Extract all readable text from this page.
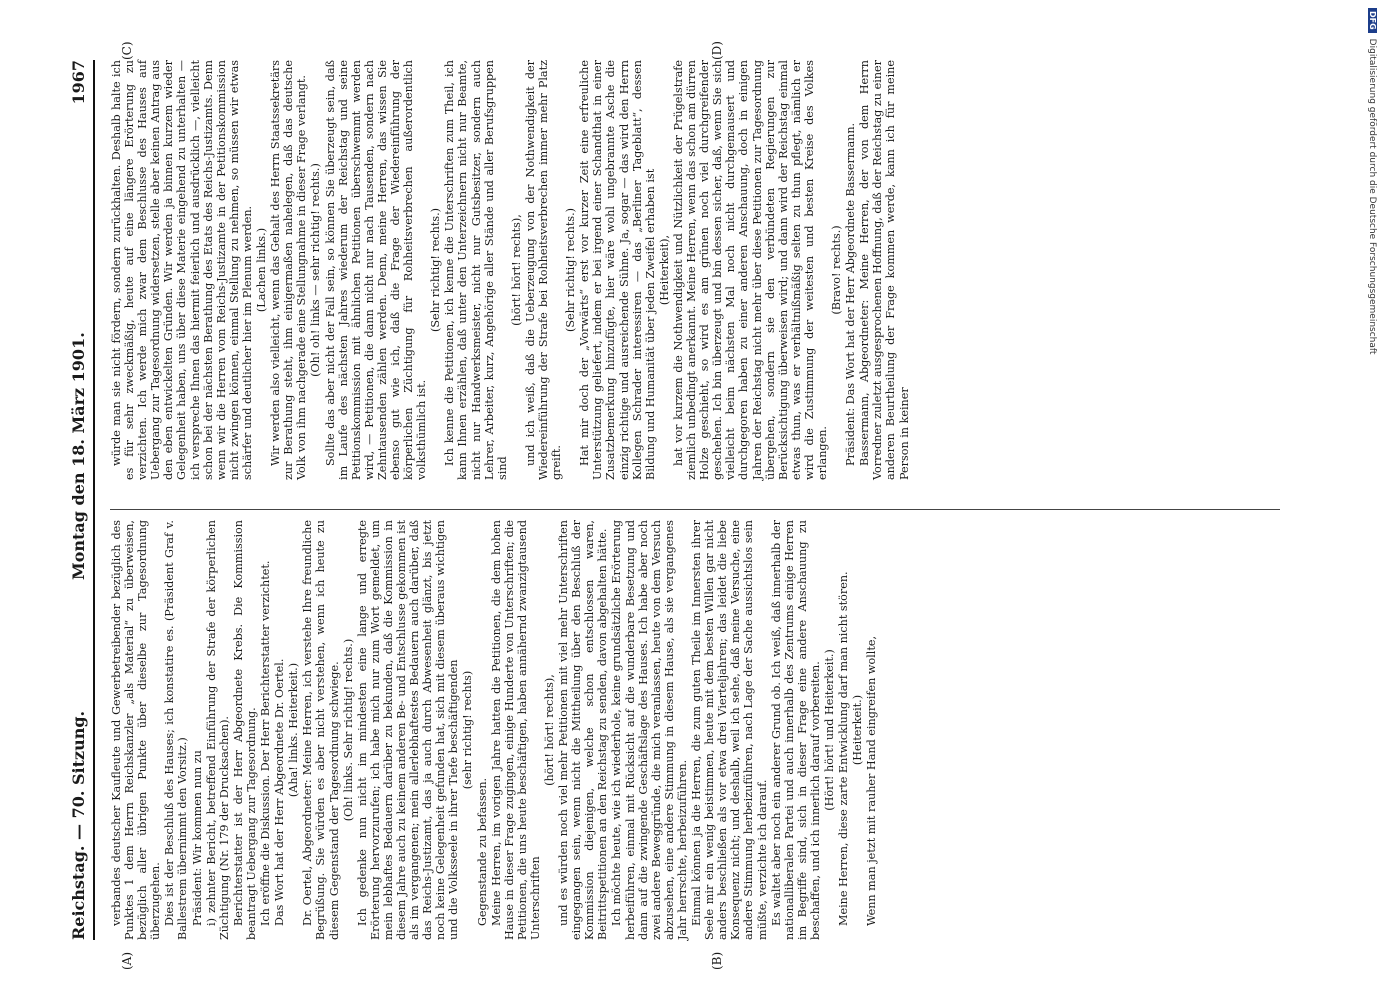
Reichstag. — 70. Sitzung.
Montag den 18. März 1901.
1967
(A)	(B)
(C)	(D)

verbandes deutscher Kaufleute und Gewerbetreibender bezüglich des Punktes 1 dem Herrn Reichskanzler „als Material“ zu überweisen, bezüglich aller übrigen Punkte über dieselbe zur Tagesordnung überzugehen. Dies ist der Beschluß des Hauses; ich konstatire es. (Präsident Graf v. Ballestrem übernimmt den Vorsitz.) Präsident: Wir kommen nun zu i) zehnter Bericht, betreffend Einführung der Strafe der körperlichen Züchtigung (Nr. 179 der Drucksachen). Berichterstatter ist der Herr Abgeordnete Krebs. Die Kommission beantragt Uebergang zur Tagesordnung. Ich eröffne die Diskussion. Der Herr Berichterstatter verzichtet. Das Wort hat der Herr Abgeordnete Dr. Oertel. (Aha! links. Heiterkeit.) Dr. Oertel, Abgeordneter: Meine Herren, ich verstehe Ihre freundliche Begrüßung. Sie würden es aber nicht verstehen, wenn ich heute zu diesem Gegenstand der Tagesordnung schwiege. (Oh! links. Sehr richtig! rechts.) Ich gedenke nun nicht im mindesten eine lange und erregte Erörterung hervorzurufen; ich habe mich nur zum Wort gemeldet, um mein lebhaftes Bedauern darüber zu bekunden, daß die Kommission in diesem Jahre auch zu keinem anderen Be- und Entschlusse gekommen ist als im vergangenen; mein allerlebhaftestes Bedauern auch darüber, daß das Reichs-Justizamt, das ja auch durch Abwesenheit glänzt, bis jetzt noch keine Gelegenheit gefunden hat, sich mit diesem überaus wichtigen und die Volksseele in ihrer Tiefe beschäftigenden (sehr richtig! rechts)

Gegenstande zu befassen. Meine Herren, im vorigen Jahre hatten die Petitionen, die dem hohen Hause in dieser Frage zugingen, einige Hunderte von Unterschriften; die Petitionen, die uns heute beschäftigen, haben annähernd zwanzigtausend Unterschriften

(hört! hört! rechts), und es würden noch viel mehr Petitionen mit viel mehr Unterschriften eingegangen sein, wenn nicht die Mittheilung über den Beschluß der Kommission diejenigen, welche schon entschlossen waren, Beitrittspetitionen an den Reichstag zu senden, davon abgehalten hätte. Ich möchte heute, wie ich wiederhole, keine grundsätzliche Erörterung herbeiführen, einmal mit Rücksicht auf die wunderbare Besetzung und dann auf die zwingende Geschäftslage des Hauses. Ich habe aber noch zwei andere Beweggründe, die mich veranlassen, heute von dem Versuch abzusehen, eine andere Stimmung in diesem Hause, als sie vergangenes Jahr herrschte, herbeizuführen. Einmal können ja die Herren, die zum guten Theile im Innersten ihrer Seele mir ein wenig beistimmen, heute mit dem besten Willen gar nicht anders beschließen als vor etwa drei Vierteljahren; das leidet die liebe Konsequenz nicht; und deshalb, weil ich sehe, daß meine Versuche, eine andere Stimmung herbeizuführen, nach Lage der Sache aussichtslos sein müßte, verzichte ich darauf. Es waltet aber noch ein anderer Grund ob. Ich weiß, daß innerhalb der nationalliberalen Partei und auch innerhalb des Zentrums einige Herren im Begriffe sind, sich in dieser Frage eine andere Anschauung zu beschaffen, und ich innerlich darauf vorbereiten. (Hört! hört! und Heiterkeit.) Meine Herren, diese zarte Entwicklung darf man nicht stören. (Heiterkeit.) Wenn man jetzt mit rauher Hand eingreifen wollte,

würde man sie nicht fördern, sondern zurückhalten. Deshalb halte ich es für sehr zweckmäßig, heute auf eine längere Erörterung zu verzichten. Ich werde mich zwar dem Beschlusse des Hauses auf Uebergang zur Tagesordnung widersetzen, stelle aber keinen Antrag aus den eben entwickelten Gründen. Wir werden ja binnen kurzem wieder Gelegenheit haben, uns über diese Materie eingehend zu unterhalten — ich verspreche Ihnen das hiermit feierlich und ausdrücklich —, vielleicht schon bei der nächsten Berathung des Etats des Reichs-Justizamts. Denn wenn wir die Herren vom Reichs-Justizamte in der Petitionskommission nicht zwingen können, einmal Stellung zu nehmen, so müssen wir etwas schärfer und deutlicher hier im Plenum werden. (Lachen links.) Wir werden also vielleicht, wenn das Gehalt des Herrn Staatssekretärs zur Berathung steht, ihm einigermaßen nahelegen, daß das deutsche Volk von ihm nachgerade eine Stellungnahme in dieser Frage verlangt. (Oh! oh! links — sehr richtig! rechts.) Sollte das aber nicht der Fall sein, so können Sie überzeugt sein, daß im Laufe des nächsten Jahres wiederum der Reichstag und seine Petitionskommission mit ähnlichen Petitionen überschwemmt werden wird, — Petitionen, die dann nicht nur nach Tausenden, sondern nach Zehntausenden zählen werden. Denn, meine Herren, das wissen Sie ebenso gut wie ich, daß die Frage der Wiedereinführung der körperlichen Züchtigung für Rohheitsverbrechen außerordentlich volksthümlich ist.

(Sehr richtig! rechts.) Ich kenne die Petitionen, ich kenne die Unterschriften zum Theil, ich kann Ihnen erzählen, daß unter den Unterzeichnern nicht nur Beamte, nicht nur Handwerksmeister, nicht nur Gutsbesitzer, sondern auch Lehrer, Arbeiter, kurz, Angehörige aller Stände und aller Berufsgruppen sind

(hört! hört! rechts), und ich weiß, daß die Ueberzeugung von der Nothwendigkeit der Wiedereinführung der Strafe bei Rohheitsverbrechen immer mehr Platz greift.

(Sehr richtig! rechts.) Hat mir doch der „Vorwärts“ erst vor kurzer Zeit eine erfreuliche Unterstützung geliefert, indem er bei irgend einer Schandthat in einer Zusatzbemerkung hinzufügte, hier wäre wohl ungebrannte Asche die einzig richtige und ausreichende Sühne. Ja, sogar — das wird den Herrn Kollegen Schrader interessiren — das „Berliner Tageblatt“, dessen Bildung und Humanität über jeden Zweifel erhaben ist (Heiterkeit), hat vor kurzem die Nothwendigkeit und Nützlichkeit der Prügelstrafe ziemlich unbedingt anerkannt. Meine Herren, wenn das schon am dürren Holze geschieht, so wird es am grünen noch viel durchgreifender geschehen. Ich bin überzeugt und bin dessen sicher, daß, wenn Sie sich vielleicht beim nächsten Mal noch nicht durchgemausert und durchgegoren haben zu einer anderen Anschauung, doch in einigen Jahren der Reichstag nicht mehr über diese Petitionen zur Tagesordnung übergehen, sondern sie den verbündeten Regierungen zur Berücksichtigung überweisen wird; und dann wird der Reichstag einmal etwas thun, was er verhältnißmäßig selten zu thun pflegt, nämlich er wird die Zustimmung der weitesten und besten Kreise des Volkes erlangen.

(Bravo! rechts.) Präsident: Das Wort hat der Herr Abgeordnete Bassermann. Bassermann, Abgeordneter: Meine Herren, der von dem Herrn Vorredner zuletzt ausgesprochenen Hoffnung, daß der Reichstag zu einer anderen Beurtheilung der Frage kommen werde, kann ich für meine Person in keiner

DFGDigitalisierung gefördert durch die Deutsche Forschungsgemeinschaft
